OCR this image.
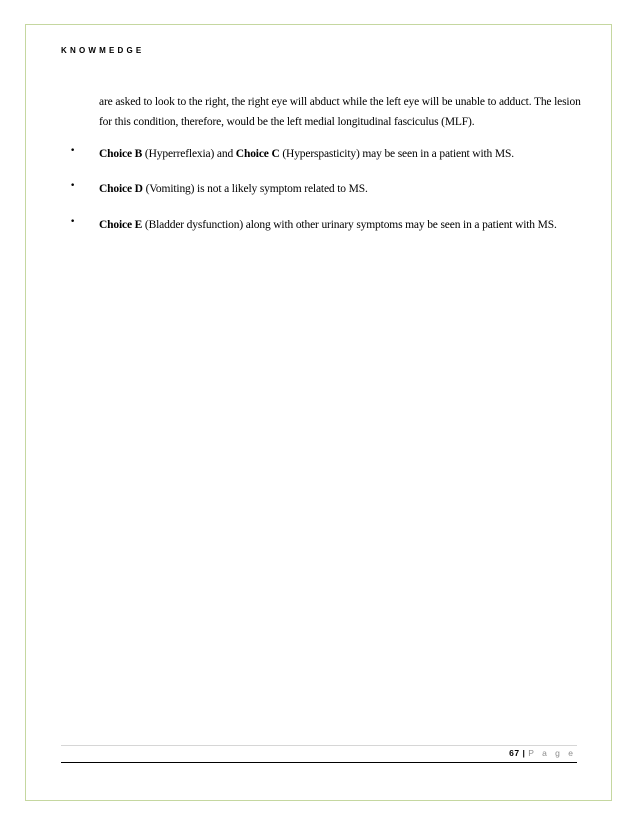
KNOWMEDGE

are asked to look to the right, the right eye will abduct while the left eye will be unable to adduct. The lesion for this condition, therefore, would be the left medial longitudinal fasciculus (MLF).

• Choice B (Hyperreflexia) and Choice C (Hyperspasticity) may be seen in a patient with MS.
• Choice D (Vomiting) is not a likely symptom related to MS.
• Choice E (Bladder dysfunction) along with other urinary symptoms may be seen in a patient with MS.
67 | P a g e
